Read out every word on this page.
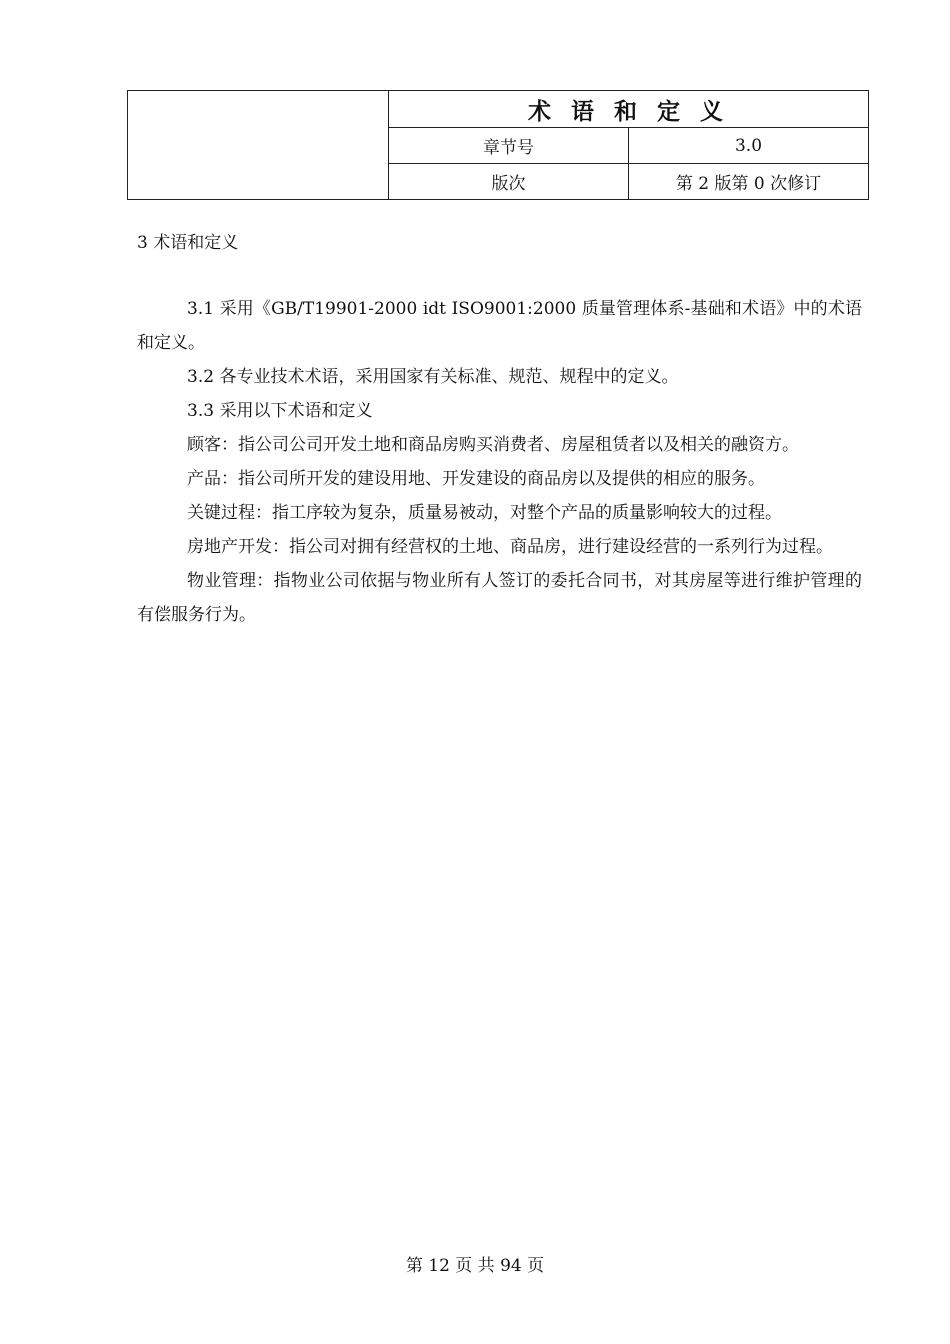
	术 语 和 定 义	
	章节号	3.0
	版次	第 2 版第 0 次修订
3 术语和定义

3.1 采用《GB/T19901-2000 idt ISO9001:2000 质量管理体系-基础和术语》中的术语和定义。

3.2 各专业技术术语，采用国家有关标准、规范、规程中的定义。

3.3 采用以下术语和定义

顾客：指公司公司开发土地和商品房购买消费者、房屋租赁者以及相关的融资方。

产品：指公司所开发的建设用地、开发建设的商品房以及提供的相应的服务。

关键过程：指工序较为复杂，质量易被动，对整个产品的质量影响较大的过程。

房地产开发：指公司对拥有经营权的土地、商品房，进行建设经营的一系列行为过程。

物业管理：指物业公司依据与物业所有人签订的委托合同书，对其房屋等进行维护管理的有偿服务行为。

第 12 页 共 94 页
